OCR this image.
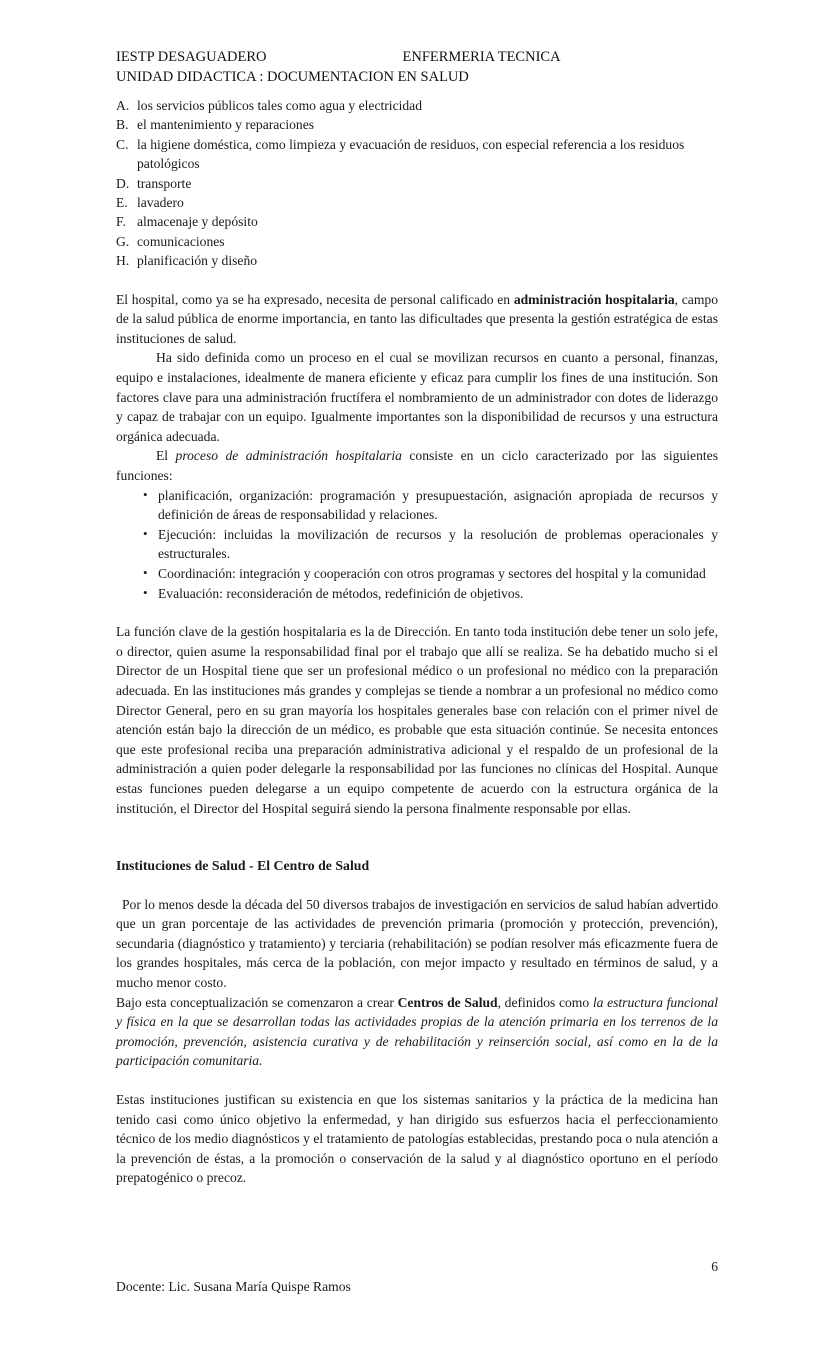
IESTP DESAGUADERO	ENFERMERIA TECNICA
UNIDAD DIDACTICA : DOCUMENTACION EN SALUD
A. los servicios públicos tales como agua y electricidad
B. el mantenimiento y reparaciones
C. la higiene doméstica, como limpieza y evacuación de residuos, con especial referencia a los residuos patológicos
D. transporte
E. lavadero
F. almacenaje y depósito
G. comunicaciones
H. planificación y diseño

El hospital, como ya se ha expresado, necesita de personal calificado en administración hospitalaria, campo de la salud pública de enorme importancia, en tanto las dificultades que presenta la gestión estratégica de estas instituciones de salud.

Ha sido definida como un proceso en el cual se movilizan recursos en cuanto a personal, finanzas, equipo e instalaciones, idealmente de manera eficiente y eficaz para cumplir los fines de una institución. Son factores clave para una administración fructífera el nombramiento de un administrador con dotes de liderazgo y capaz de trabajar con un equipo. Igualmente importantes son la disponibilidad de recursos y una estructura orgánica adecuada.

El proceso de administración hospitalaria consiste en un ciclo caracterizado por las siguientes funciones:

• planificación, organización: programación y presupuestación, asignación apropiada de recursos y definición de áreas de responsabilidad y relaciones.
• Ejecución: incluidas la movilización de recursos y la resolución de problemas operacionales y estructurales.
• Coordinación: integración y cooperación con otros programas y sectores del hospital y la comunidad
• Evaluación: reconsideración de métodos, redefinición de objetivos.

La función clave de la gestión hospitalaria es la de Dirección. En tanto toda institución debe tener un solo jefe, o director, quien asume la responsabilidad final por el trabajo que allí se realiza. Se ha debatido mucho si el Director de un Hospital tiene que ser un profesional médico o un profesional no médico con la preparación adecuada. En las instituciones más grandes y complejas se tiende a nombrar a un profesional no médico como Director General, pero en su gran mayoría los hospitales generales base con relación con el primer nivel de atención están bajo la dirección de un médico, es probable que esta situación continúe. Se necesita entonces que este profesional reciba una preparación administrativa adicional y el respaldo de un profesional de la administración a quien poder delegarle la responsabilidad por las funciones no clínicas del Hospital. Aunque estas funciones pueden delegarse a un equipo competente de acuerdo con la estructura orgánica de la institución, el Director del Hospital seguirá siendo la persona finalmente responsable por ellas.

Instituciones de Salud - El Centro de Salud

Por lo menos desde la década del 50 diversos trabajos de investigación en servicios de salud habían advertido que un gran porcentaje de las actividades de prevención primaria (promoción y protección, prevención), secundaria (diagnóstico y tratamiento) y terciaria (rehabilitación) se podían resolver más eficazmente fuera de los grandes hospitales, más cerca de la población, con mejor impacto y resultado en términos de salud, y a mucho menor costo.

Bajo esta conceptualización se comenzaron a crear Centros de Salud, definidos como la estructura funcional y física en la que se desarrollan todas las actividades propias de la atención primaria en los terrenos de la promoción, prevención, asistencia curativa y de rehabilitación y reinserción social, así como en la de la participación comunitaria.

Estas instituciones justifican su existencia en que los sistemas sanitarios y la práctica de la medicina han tenido casi como único objetivo la enfermedad, y han dirigido sus esfuerzos hacia el perfeccionamiento técnico de los medio diagnósticos y el tratamiento de patologías establecidas, prestando poca o nula atención a la prevención de éstas, a la promoción o conservación de la salud y al diagnóstico oportuno en el período prepatogénico o precoz.

6
Docente: Lic. Susana María Quispe Ramos
